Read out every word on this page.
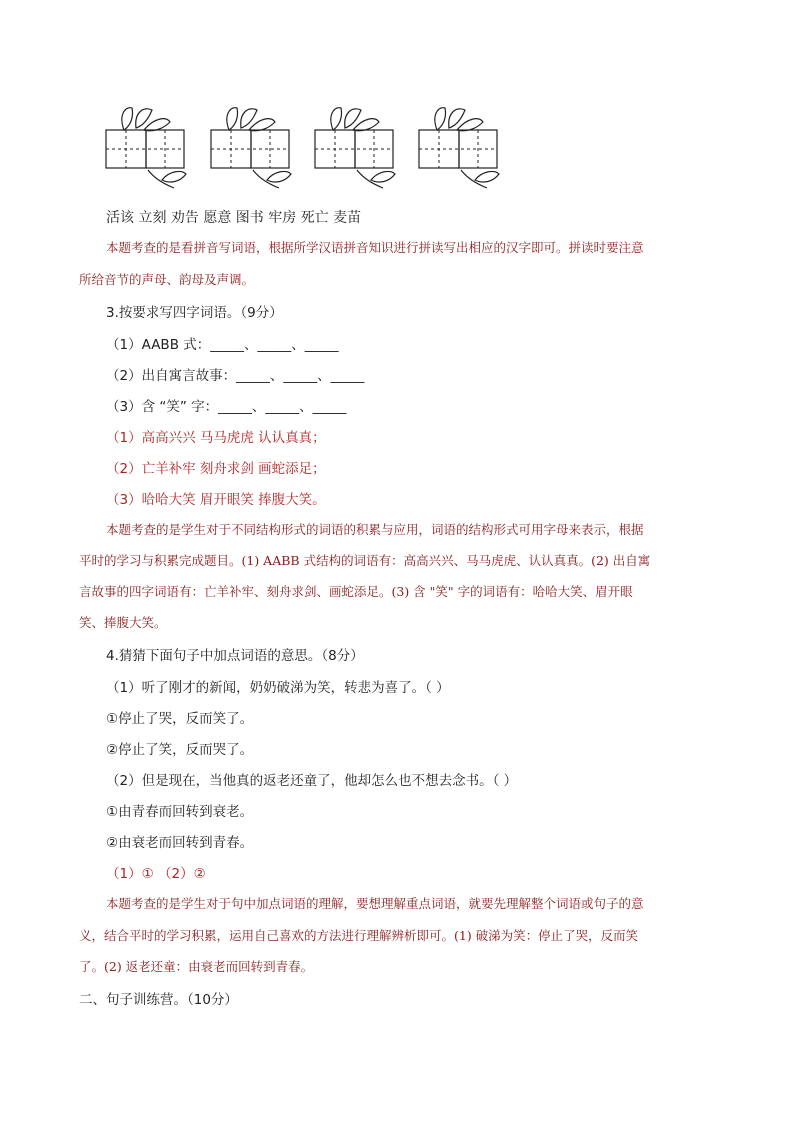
活该 立刻 劝告 愿意 图书 牢房 死亡 麦苗
本题考查的是看拼音写词语，根据所学汉语拼音知识进行拼读写出相应的汉字即可。拼读时要注意
所给音节的声母、韵母及声调。
3.按要求写四字词语。（9分）
（1）AABB 式：_____、_____、_____
（2）出自寓言故事：_____、_____、_____
（3）含 “笑” 字：_____、_____、_____
（1）高高兴兴 马马虎虎 认认真真；
（2）亡羊补牢 刻舟求剑 画蛇添足；
（3）哈哈大笑 眉开眼笑 捧腹大笑。
本题考查的是学生对于不同结构形式的词语的积累与应用，词语的结构形式可用字母来表示，根据
平时的学习与积累完成题目。(1) AABB 式结构的词语有：高高兴兴、马马虎虎、认认真真。(2) 出自寓
言故事的四字词语有：亡羊补牢、刻舟求剑、画蛇添足。(3) 含 "笑" 字的词语有：哈哈大笑、眉开眼
笑、捧腹大笑。
4.猜猜下面句子中加点词语的意思。（8分）
（1）听了刚才的新闻，奶奶破涕为笑，转悲为喜了。（ ）
①停止了哭，反而笑了。
②停止了笑，反而哭了。
（2）但是现在，当他真的返老还童了，他却怎么也不想去念书。（ ）
①由青春而回转到衰老。
②由衰老而回转到青春。
（1）① （2）②
本题考查的是学生对于句中加点词语的理解，要想理解重点词语，就要先理解整个词语或句子的意
义，结合平时的学习积累，运用自己喜欢的方法进行理解辨析即可。(1) 破涕为笑：停止了哭，反而笑
了。(2) 返老还童：由衰老而回转到青春。
二、句子训练营。（10分）
